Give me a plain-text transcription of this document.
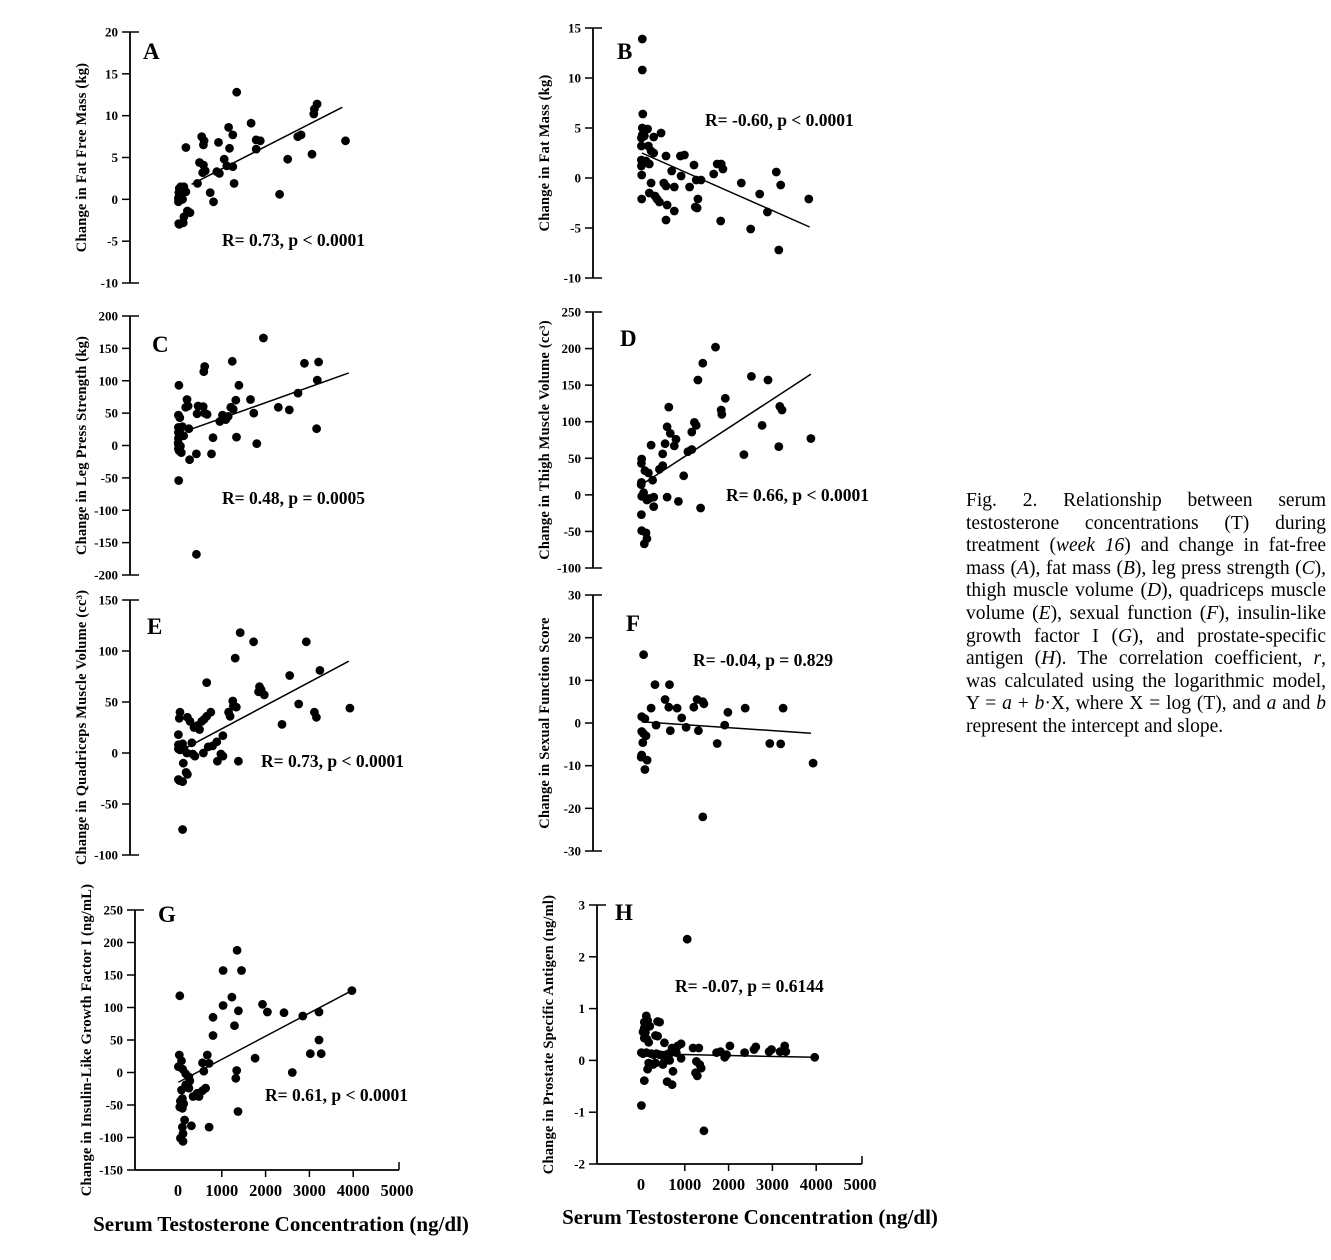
-10
-5
0
5
10
15
20
Change in Fat Free Mass (kg)
A
R= 0.73, p < 0.0001
-10
-5
0
5
10
15
Change in Fat Mass (kg)
B
R= -0.60, p < 0.0001
-200
-150
-100
-50
0
50
100
150
200
Change in Leg Press Strength (kg)	C
R= 0.48, p = 0.0005
-100
-50
0
50
100
150
200
250
Change in Thigh Muscle Volume (cc³)	D
R= 0.66, p < 0.0001
-100
-50
0
50
100
150
Change in Quadriceps Muscle Volume (cc³) E
R= 0.73, p < 0.0001
-30
-20
-10
0
10
20
30
Change in Sexual Function Score	F
R= -0.04, p = 0.829
-150
-100
-50
0
50
100
150
200
250
Change in Insulin-Like Growth Factor I (ng/mL)	G
R= 0.61, p < 0.0001
0 1000 2000 3000 4000 5000
-2
-1
0
1
2
3
Change in Prostate Specific Antigen (ng/ml)	H
R= -0.07, p = 0.6144
0 1000 2000 3000 4000 5000
Serum Testosterone Concentration (ng/dl)	Serum Testosterone Concentration (ng/dl)
Fig. 2. Relationship between serum testosterone concentrations (T) during treatment (week 16) and change in fat-free mass (A), fat mass (B), leg press strength (C), thigh muscle volume (D), quadriceps muscle volume (E), sexual function (F), insulin-like growth factor I (G), and prostate-specific antigen (H). The correlation coefficient, r, was calculated using the logarithmic model, Y = a + b·X, where X = log (T), and a and b represent the intercept and slope.
